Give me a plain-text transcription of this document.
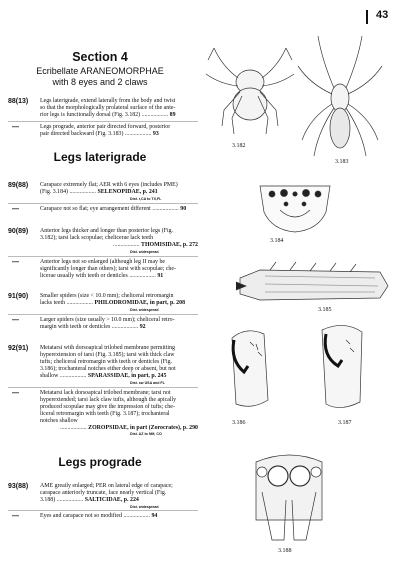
43
Section 4
Ecribellate ARANEOMORPHAE
with 8 eyes and 2 claws
88(13) Legs laterigrade, extend laterally from the body and twist
so that the morphologically prolateral surface of the ante-
rior legs is functionally dorsal (Fig. 3.182) .................. 89
—	Legs prograde, anterior pair directed forward, posterior
pair directed backward (Fig. 3.183) .................. 93
Legs laterigrade
89(88) Carapace extremely flat; AER with 6 eyes (includes PME)
(Fig. 3.184) .................. SELENOPIDAE, p. 241
Dist. r,CA to TX,FL
—	Carapace not so flat; eye arrangement different .................. 90
90(89) Anterior legs thicker and longer than posterior legs (Fig.
3.182); tarsi lack scopulae; chelicerae lack teeth
.................. THOMISIDAE, p. 272
Dist. widespread
—	Anterior legs not so enlarged (although leg II may be
significantly longer than others); tarsi with scopulae; che-
licerae usually with teeth or denticles .................. 91
91(90) Smaller spiders (size < 10.0 mm); cheliceral retromargin
lacks teeth .................. PHILODROMIDAE, in part, p. 208
Dist. widespread
—	Larger spiders (size usually > 10.0 mm); cheliceral retro-
margin with teeth or denticles .................. 92
92(91) Metatarsi with dorsoapical trilobed membrane permitting
hyperextension of tarsi (Fig. 3.185); tarsi with thick claw
tufts; cheliceral retromargin with teeth or denticles (Fig.
3.186); trochanteral notches either deep or absent, but not
shallow .................. SPARASSIDAE, in part, p. 245
Dist. sw USA and FL
—	Metatarsi lack dorsoapical trilobed membrane; tarsi not
hyperextended; tarsi lack claw tufts, although the apically
produced scopulae may give the impression of tufts; che-
liceral retromargin with teeth (Fig. 3.187); trochanteral
notches shallow
.................. ZOROPSIDAE, in part (Zorocrates), p. 290
Dist. AZ to NM, CO
Legs prograde
93(88) AME greatly enlarged; PER on lateral edge of carapace;
carapace anteriorly truncate, face nearly vertical (Fig.
3.188) .................. SALTICIDAE, p. 224
Dist. widespread
—	Eyes and carapace not so modified .................. 94
3.182
3.183
3.184
3.185
3.186	3.187
3.188
